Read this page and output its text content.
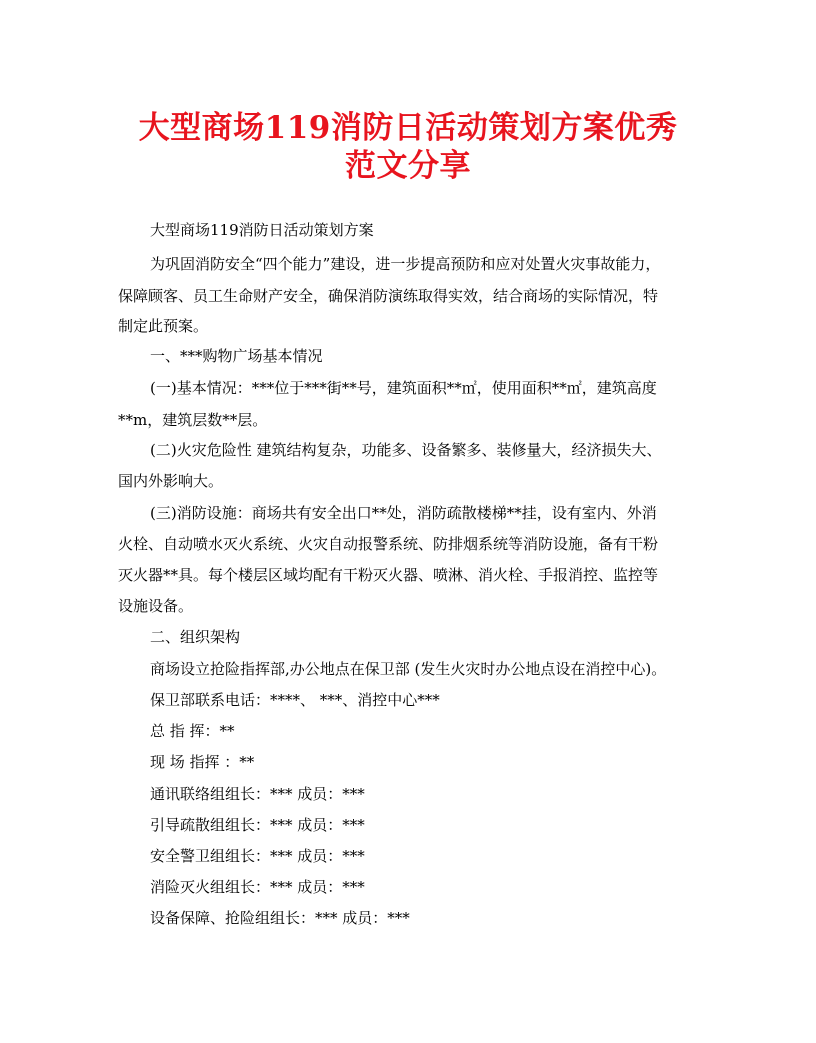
大型商场119消防日活动策划方案优秀
范文分享
大型商场119消防日活动策划方案
为巩固消防安全“四个能力”建设，进一步提高预防和应对处置火灾事故能力，
保障顾客、员工生命财产安全，确保消防演练取得实效，结合商场的实际情况，特
制定此预案。
一、***购物广场基本情况
(一)基本情况：***位于***街**号，建筑面积**㎡，使用面积**㎡，建筑高度
**m，建筑层数**层。
(二)火灾危险性 建筑结构复杂，功能多、设备繁多、装修量大，经济损失大、
国内外影响大。
(三)消防设施：商场共有安全出口**处，消防疏散楼梯**挂，设有室内、外消
火栓、自动喷水灭火系统、火灾自动报警系统、防排烟系统等消防设施，备有干粉
灭火器**具。每个楼层区域均配有干粉灭火器、喷淋、消火栓、手报消控、监控等
设施设备。
二、组织架构
商场设立抢险指挥部,办公地点在保卫部 (发生火灾时办公地点设在消控中心)。
保卫部联系电话：****、 ***、消控中心***
总 指 挥：**
现 场 指挥 ：**
通讯联络组组长：*** 成员：***
引导疏散组组长：*** 成员：***
安全警卫组组长：*** 成员：***
消险灭火组组长：*** 成员：***
设备保障、抢险组组长：*** 成员：***
